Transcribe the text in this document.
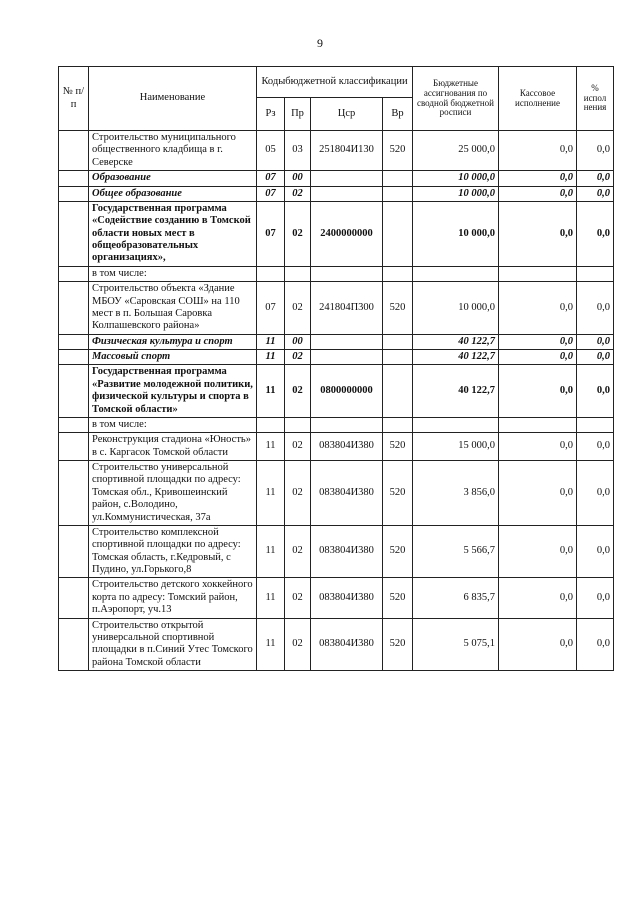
9
№ п/п	Наименование	Кодыбюджетной классификации				Бюджетные ассигнования по сводной бюджетной росписи	Кассовое исполнение	% испол нения
		Рз	Пр	Цср	Вр			
	Строительство муниципального общественного кладбища в г. Северске	05	03	251804И130	520	25 000,0	0,0	0,0
	Образование	07	00			10 000,0	0,0	0,0
	Общее образование	07	02			10 000,0	0,0	0,0
	Государственная программа «Содействие созданию в Томской области новых мест в общеобразовательных организациях»,	07	02	2400000000		10 000,0	0,0	0,0
	в том числе:							
	Строительство объекта «Здание МБОУ «Саровская СОШ» на 110 мест в п. Большая Саровка Колпашевского района»	07	02	241804П300	520	10 000,0	0,0	0,0
	Физическая культура и спорт	11	00			40 122,7	0,0	0,0
	Массовый спорт	11	02			40 122,7	0,0	0,0
	Государственная программа «Развитие молодежной политики, физической культуры и спорта в Томской области»	11	02	0800000000		40 122,7	0,0	0,0
	в том числе:							
	Реконструкция стадиона «Юность» в с. Каргасок Томской области	11	02	083804И380	520	15 000,0	0,0	0,0
	Строительство универсальной спортивной площадки по адресу: Томская обл., Кривошеинский район, с.Володино, ул.Коммунистическая, 37а	11	02	083804И380	520	3 856,0	0,0	0,0
	Строительство комплексной спортивной площадки по адресу: Томская область, г.Кедровый, с Пудино, ул.Горького,8	11	02	083804И380	520	5 566,7	0,0	0,0
	Строительство детского хоккейного корта по адресу: Томский район, п.Аэропорт, уч.13	11	02	083804И380	520	6 835,7	0,0	0,0
	Строительство открытой универсальной спортивной площадки в п.Синий Утес Томского района Томской области	11	02	083804И380	520	5 075,1	0,0	0,0
